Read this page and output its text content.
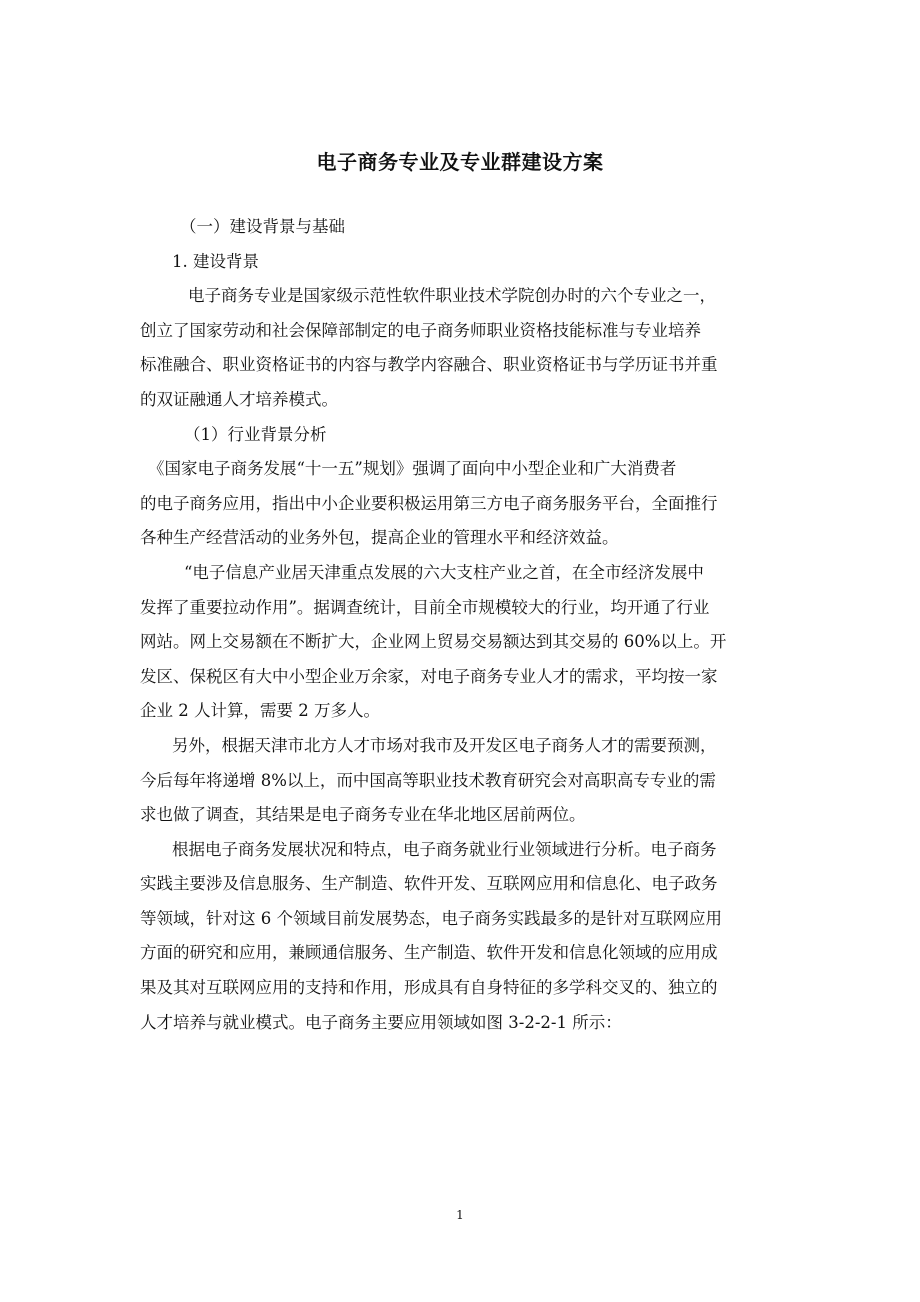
电子商务专业及专业群建设方案
（一）建设背景与基础
1. 建设背景
电子商务专业是国家级示范性软件职业技术学院创办时的六个专业之一，
创立了国家劳动和社会保障部制定的电子商务师职业资格技能标准与专业培养
标准融合、职业资格证书的内容与教学内容融合、职业资格证书与学历证书并重
的双证融通人才培养模式。
（1）行业背景分析
《国家电子商务发展“十一五”规划》强调了面向中小型企业和广大消费者
的电子商务应用，指出中小企业要积极运用第三方电子商务服务平台，全面推行
各种生产经营活动的业务外包，提高企业的管理水平和经济效益。
“电子信息产业居天津重点发展的六大支柱产业之首，在全市经济发展中
发挥了重要拉动作用”。据调查统计，目前全市规模较大的行业，均开通了行业
网站。网上交易额在不断扩大，企业网上贸易交易额达到其交易的 60%以上。开
发区、保税区有大中小型企业万余家，对电子商务专业人才的需求，平均按一家
企业 2 人计算，需要 2 万多人。
另外，根据天津市北方人才市场对我市及开发区电子商务人才的需要预测，
今后每年将递增 8%以上，而中国高等职业技术教育研究会对高职高专专业的需
求也做了调查，其结果是电子商务专业在华北地区居前两位。
根据电子商务发展状况和特点，电子商务就业行业领域进行分析。电子商务
实践主要涉及信息服务、生产制造、软件开发、互联网应用和信息化、电子政务
等领域，针对这 6 个领域目前发展势态，电子商务实践最多的是针对互联网应用
方面的研究和应用，兼顾通信服务、生产制造、软件开发和信息化领域的应用成
果及其对互联网应用的支持和作用，形成具有自身特征的多学科交叉的、独立的
人才培养与就业模式。电子商务主要应用领域如图 3-2-2-1 所示：
1
